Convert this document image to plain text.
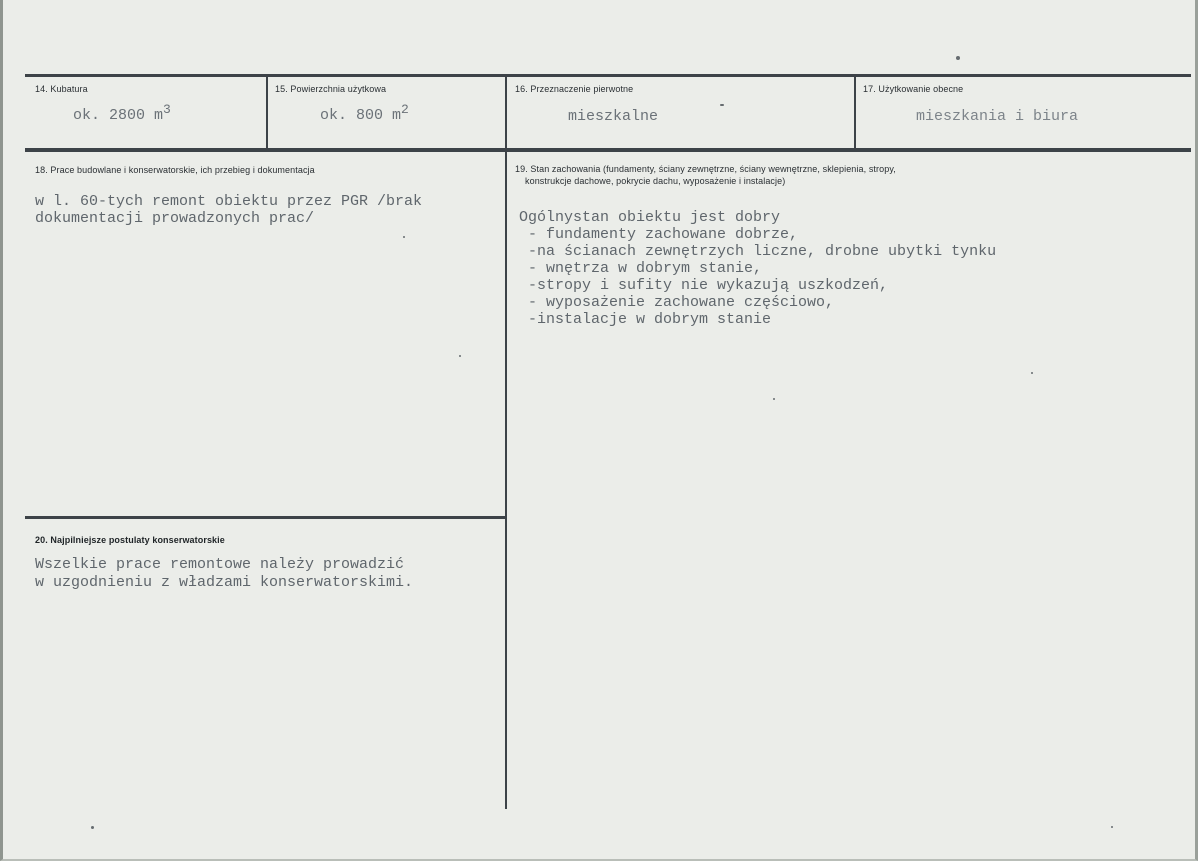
14. Kubatura
ok. 2800 $m^3$
15. Powierzchnia użytkowa
ok. 800 $m^2$
16. Przeznaczenie pierwotne
mieszkalne
17. Użytkowanie obecne
mieszkania i biura
18. Prace budowlane i konserwatorskie, ich przebieg i dokumentacja
w l. 60-tych remont obiektu przez PGR /brak
dokumentacji prowadzonych prac/
19. Stan zachowania (fundamenty, ściany zewnętrzne, ściany wewnętrzne, sklepienia, stropy,
konstrukcje dachowe, pokrycie dachu, wyposażenie i instalacje)
Ogólnystan obiektu jest dobry
- fundamenty zachowane dobrze,
-na ścianach zewnętrzych liczne, drobne ubytki tynku
- wnętrza w dobrym stanie,
-stropy i sufity nie wykazują uszkodzeń,
- wyposażenie zachowane częściowo,
-instalacje w dobrym stanie
20. Najpilniejsze postulaty konserwatorskie
Wszelkie prace remontowe należy prowadzić
w uzgodnieniu z władzami konserwatorskimi.
